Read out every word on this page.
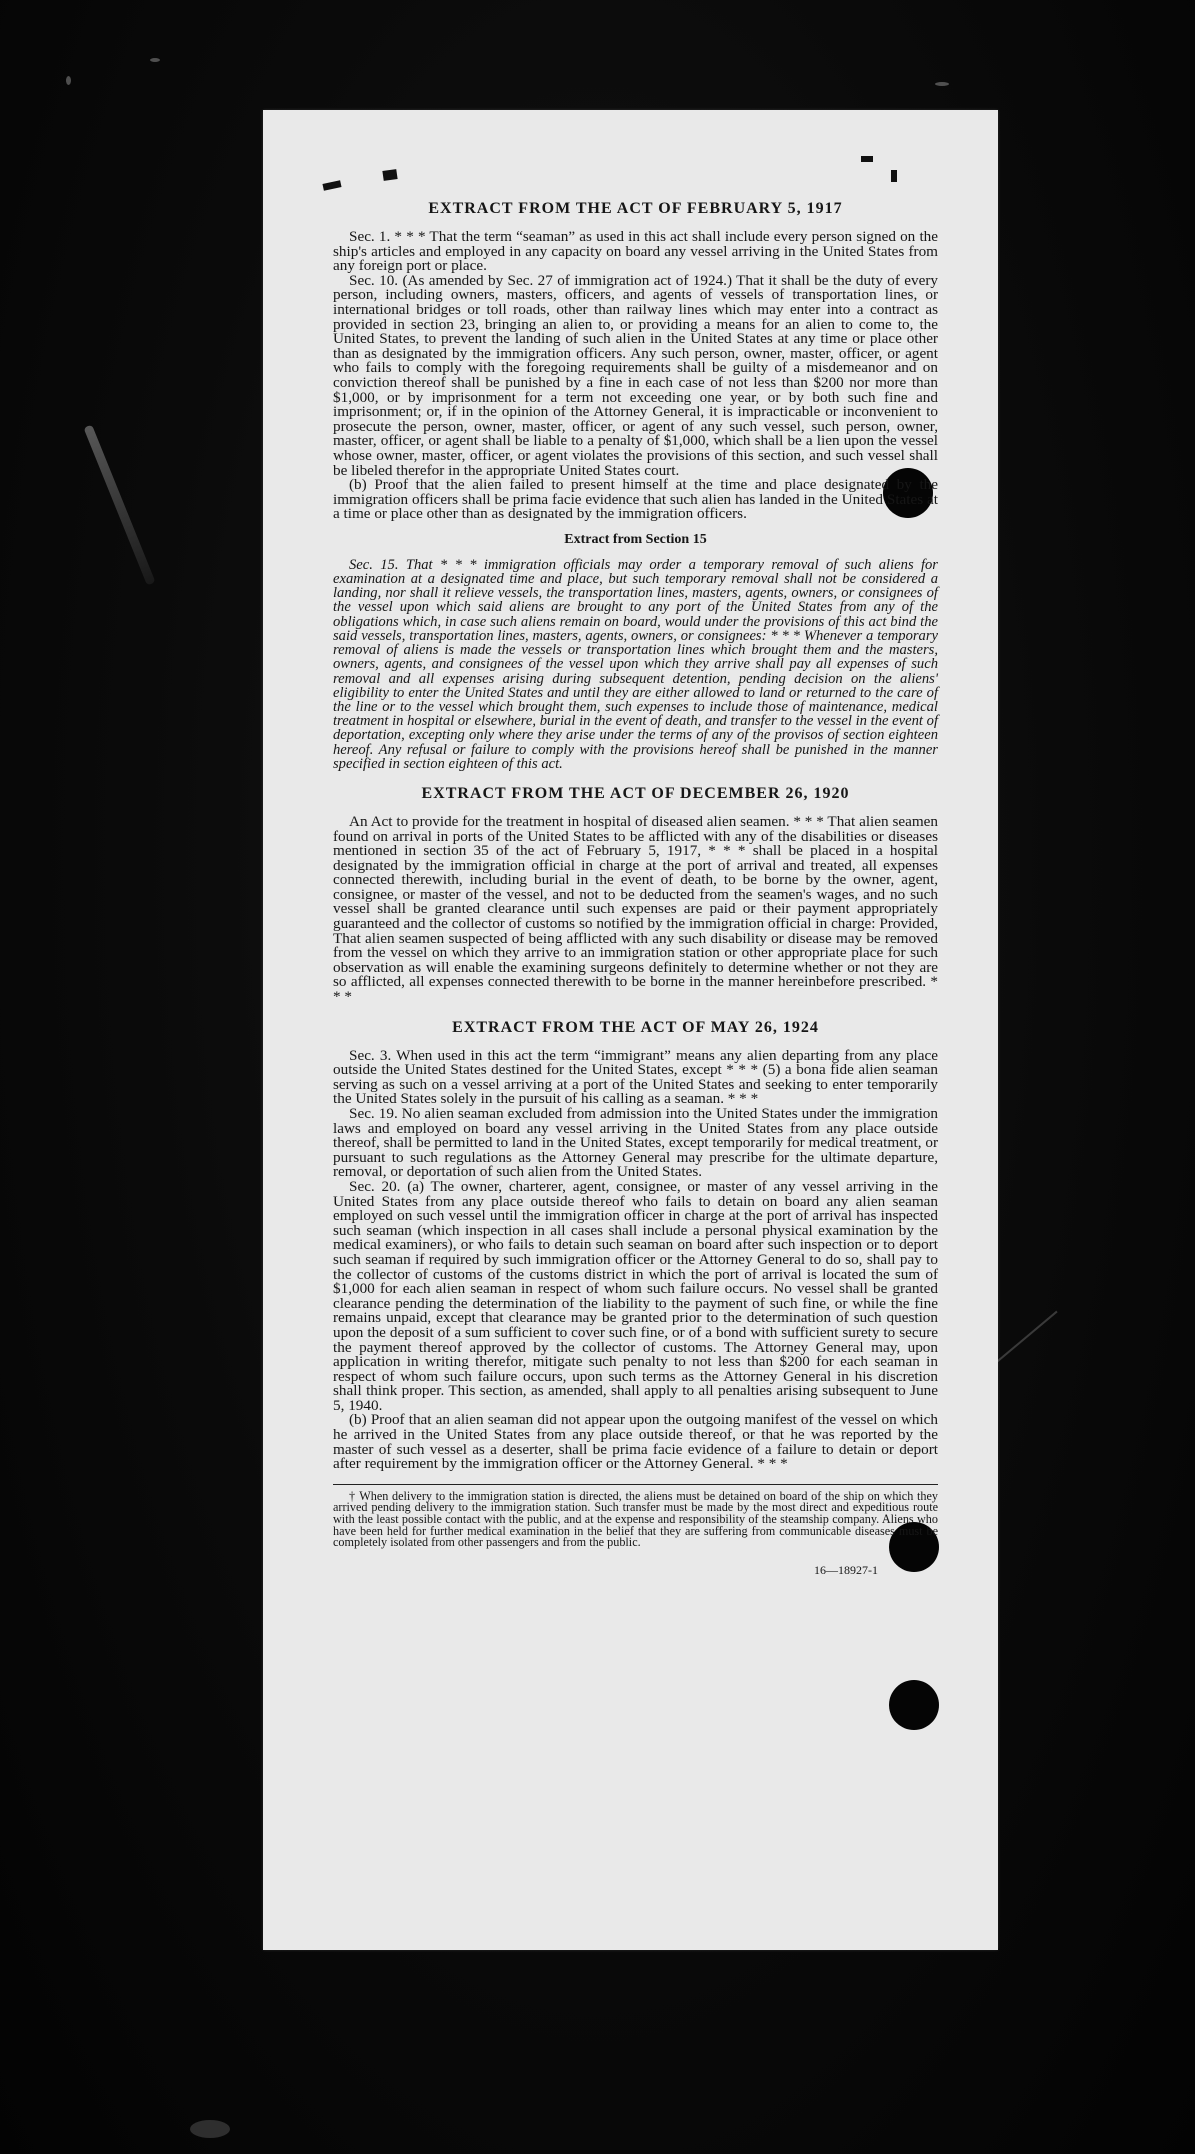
EXTRACT FROM THE ACT OF FEBRUARY 5, 1917

Sec. 1. * * * That the term “seaman” as used in this act shall include every person signed on the ship's articles and employed in any capacity on board any vessel arriving in the United States from any foreign port or place.

Sec. 10. (As amended by Sec. 27 of immigration act of 1924.) That it shall be the duty of every person, including owners, masters, officers, and agents of vessels of transportation lines, or international bridges or toll roads, other than railway lines which may enter into a contract as provided in section 23, bringing an alien to, or providing a means for an alien to come to, the United States, to prevent the landing of such alien in the United States at any time or place other than as designated by the immigration officers. Any such person, owner, master, officer, or agent who fails to comply with the foregoing requirements shall be guilty of a misdemeanor and on conviction thereof shall be punished by a fine in each case of not less than $200 nor more than $1,000, or by imprisonment for a term not exceeding one year, or by both such fine and imprisonment; or, if in the opinion of the Attorney General, it is impracticable or inconvenient to prosecute the person, owner, master, officer, or agent of any such vessel, such person, owner, master, officer, or agent shall be liable to a penalty of $1,000, which shall be a lien upon the vessel whose owner, master, officer, or agent violates the provisions of this section, and such vessel shall be libeled therefor in the appropriate United States court.

(b) Proof that the alien failed to present himself at the time and place designated by the immigration officers shall be prima facie evidence that such alien has landed in the United States at a time or place other than as designated by the immigration officers.

Extract from Section 15

Sec. 15. That * * * immigration officials may order a temporary removal of such aliens for examination at a designated time and place, but such temporary removal shall not be considered a landing, nor shall it relieve vessels, the transportation lines, masters, agents, owners, or consignees of the vessel upon which said aliens are brought to any port of the United States from any of the obligations which, in case such aliens remain on board, would under the provisions of this act bind the said vessels, transportation lines, masters, agents, owners, or consignees: * * * Whenever a temporary removal of aliens is made the vessels or transportation lines which brought them and the masters, owners, agents, and consignees of the vessel upon which they arrive shall pay all expenses of such removal and all expenses arising during subsequent detention, pending decision on the aliens' eligibility to enter the United States and until they are either allowed to land or returned to the care of the line or to the vessel which brought them, such expenses to include those of maintenance, medical treatment in hospital or elsewhere, burial in the event of death, and transfer to the vessel in the event of deportation, excepting only where they arise under the terms of any of the provisos of section eighteen hereof. Any refusal or failure to comply with the provisions hereof shall be punished in the manner specified in section eighteen of this act.

EXTRACT FROM THE ACT OF DECEMBER 26, 1920

An Act to provide for the treatment in hospital of diseased alien seamen. * * * That alien seamen found on arrival in ports of the United States to be afflicted with any of the disabilities or diseases mentioned in section 35 of the act of February 5, 1917, * * * shall be placed in a hospital designated by the immigration official in charge at the port of arrival and treated, all expenses connected therewith, including burial in the event of death, to be borne by the owner, agent, consignee, or master of the vessel, and not to be deducted from the seamen's wages, and no such vessel shall be granted clearance until such expenses are paid or their payment appropriately guaranteed and the collector of customs so notified by the immigration official in charge: Provided, That alien seamen suspected of being afflicted with any such disability or disease may be removed from the vessel on which they arrive to an immigration station or other appropriate place for such observation as will enable the examining surgeons definitely to determine whether or not they are so afflicted, all expenses connected therewith to be borne in the manner hereinbefore prescribed. * * *

EXTRACT FROM THE ACT OF MAY 26, 1924

Sec. 3. When used in this act the term “immigrant” means any alien departing from any place outside the United States destined for the United States, except * * * (5) a bona fide alien seaman serving as such on a vessel arriving at a port of the United States and seeking to enter temporarily the United States solely in the pursuit of his calling as a seaman. * * *

Sec. 19. No alien seaman excluded from admission into the United States under the immigration laws and employed on board any vessel arriving in the United States from any place outside thereof, shall be permitted to land in the United States, except temporarily for medical treatment, or pursuant to such regulations as the Attorney General may prescribe for the ultimate departure, removal, or deportation of such alien from the United States.

Sec. 20. (a) The owner, charterer, agent, consignee, or master of any vessel arriving in the United States from any place outside thereof who fails to detain on board any alien seaman employed on such vessel until the immigration officer in charge at the port of arrival has inspected such seaman (which inspection in all cases shall include a personal physical examination by the medical examiners), or who fails to detain such seaman on board after such inspection or to deport such seaman if required by such immigration officer or the Attorney General to do so, shall pay to the collector of customs of the customs district in which the port of arrival is located the sum of $1,000 for each alien seaman in respect of whom such failure occurs. No vessel shall be granted clearance pending the determination of the liability to the payment of such fine, or while the fine remains unpaid, except that clearance may be granted prior to the determination of such question upon the deposit of a sum sufficient to cover such fine, or of a bond with sufficient surety to secure the payment thereof approved by the collector of customs. The Attorney General may, upon application in writing therefor, mitigate such penalty to not less than $200 for each seaman in respect of whom such failure occurs, upon such terms as the Attorney General in his discretion shall think proper. This section, as amended, shall apply to all penalties arising subsequent to June 5, 1940.

(b) Proof that an alien seaman did not appear upon the outgoing manifest of the vessel on which he arrived in the United States from any place outside thereof, or that he was reported by the master of such vessel as a deserter, shall be prima facie evidence of a failure to detain or deport after requirement by the immigration officer or the Attorney General. * * *

† When delivery to the immigration station is directed, the aliens must be detained on board of the ship on which they arrived pending delivery to the immigration station. Such transfer must be made by the most direct and expeditious route with the least possible contact with the public, and at the expense and responsibility of the steamship company. Aliens who have been held for further medical examination in the belief that they are suffering from communicable diseases must be completely isolated from other passengers and from the public.

16—18927-1
